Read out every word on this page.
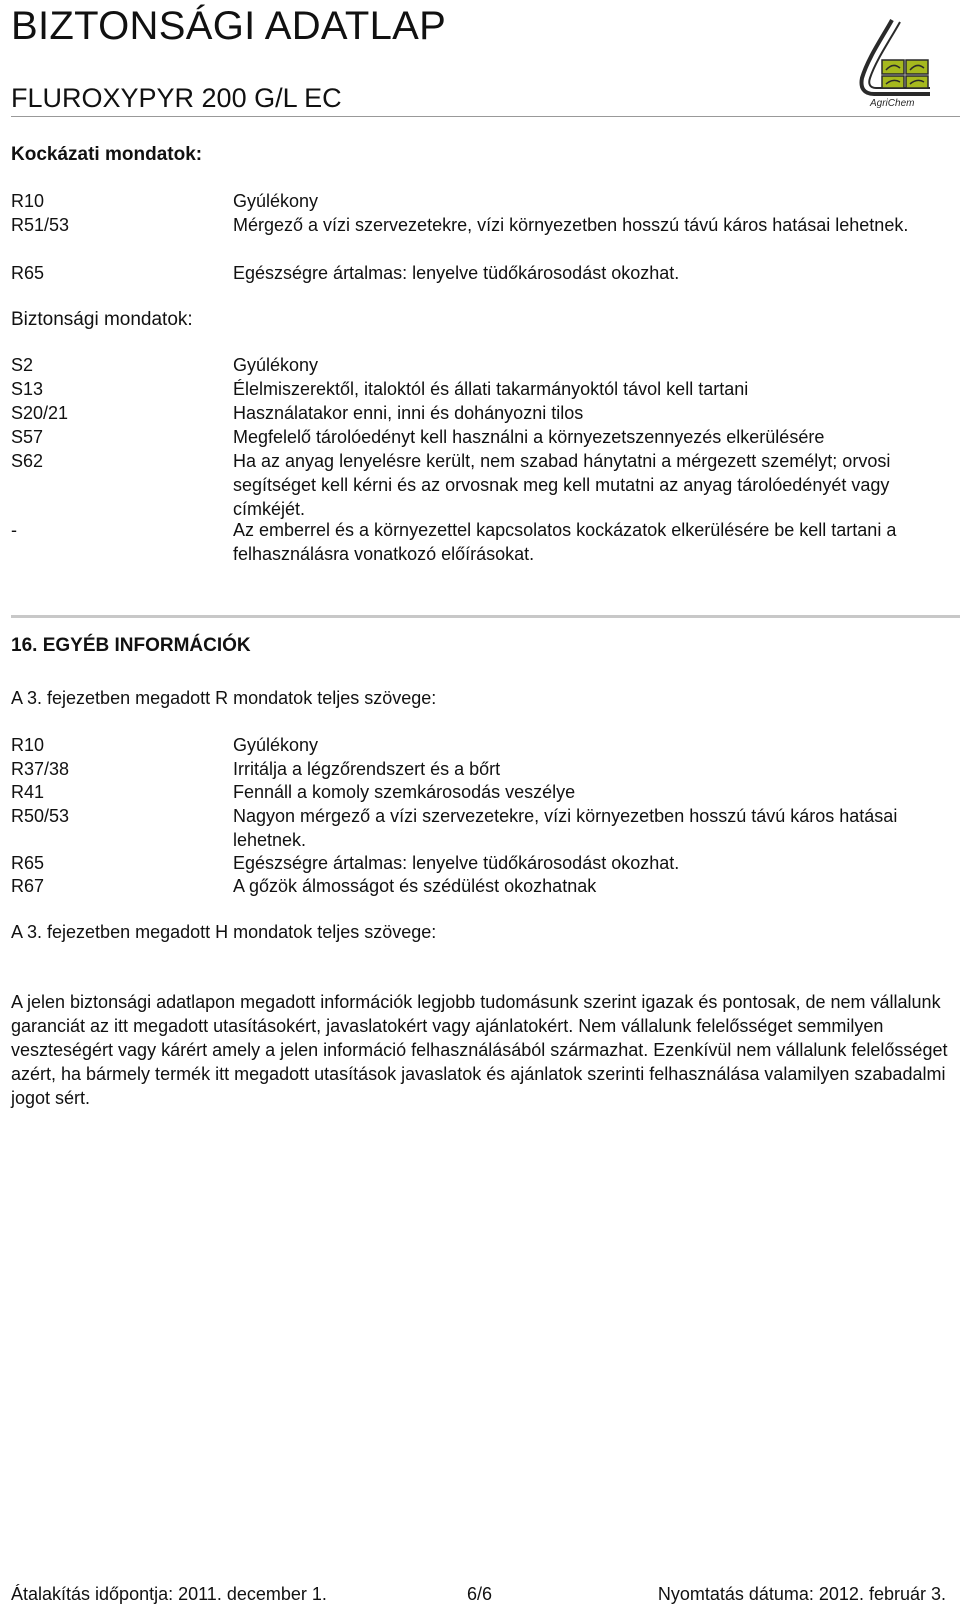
BIZTONSÁGI ADATLAP
FLUROXYPYR 200 G/L EC	AgriChem
Kockázati mondatok:
R10	Gyúlékony
R51/53	Mérgező a vízi szervezetekre, vízi környezetben hosszú távú káros hatásai lehetnek.
R65	Egészségre ártalmas: lenyelve tüdőkárosodást okozhat.
Biztonsági mondatok:
S2	Gyúlékony
S13	Élelmiszerektől, italoktól és állati takarmányoktól távol kell tartani
S20/21	Használatakor enni, inni és dohányozni tilos
S57	Megfelelő tárolóedényt kell használni a környezetszennyezés elkerülésére
S62	Ha az anyag lenyelésre került, nem szabad hánytatni a mérgezett személyt; orvosi segítséget kell kérni és az orvosnak meg kell mutatni az anyag tárolóedényét vagy címkéjét.
-	Az emberrel és a környezettel kapcsolatos kockázatok elkerülésére be kell tartani a felhasználásra vonatkozó előírásokat.
16. EGYÉB INFORMÁCIÓK
A 3. fejezetben megadott R mondatok teljes szövege:
R10	Gyúlékony
R37/38	Irritálja a légzőrendszert és a bőrt
R41	Fennáll a komoly szemkárosodás veszélye
R50/53	Nagyon mérgező a vízi szervezetekre, vízi környezetben hosszú távú káros hatásai lehetnek.
R65	Egészségre ártalmas: lenyelve tüdőkárosodást okozhat.
R67	A gőzök álmosságot és szédülést okozhatnak
A 3. fejezetben megadott H mondatok teljes szövege:

A jelen biztonsági adatlapon megadott információk legjobb tudomásunk szerint igazak és pontosak, de nem vállalunk garanciát az itt megadott utasításokért, javaslatokért vagy ajánlatokért. Nem vállalunk felelősséget semmilyen veszteségért vagy kárért amely a jelen információ felhasználásából származhat. Ezenkívül nem vállalunk felelősséget azért, ha bármely termék itt megadott utasítások javaslatok és ajánlatok szerinti felhasználása valamilyen szabadalmi jogot sért.

Átalakítás időpontja: 2011. december 1.	6/6	Nyomtatás dátuma: 2012. február 3.
